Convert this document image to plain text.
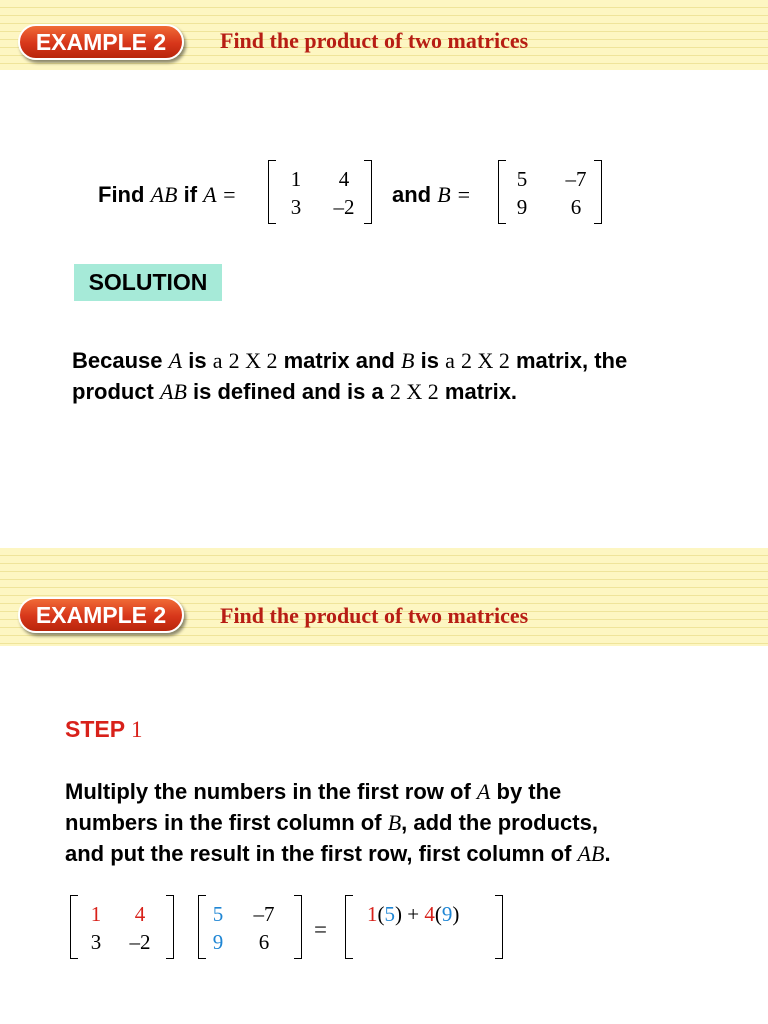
EXAMPLE 2	Find the product of two matrices
Find AB if A =
1	4
3	–2	and B =
5	–7
9	6
SOLUTION
Because A is a 2 X 2 matrix and B is a 2 X 2 matrix, the
product AB is defined and is a 2 X 2 matrix.
EXAMPLE 2	Find the product of two matrices
STEP 1
Multiply the numbers in the first row of A by the
numbers in the first column of B, add the products,
and put the result in the first row, first column of AB.
1	4
3	–2
5	–7
9	6	=
1(5) + 4(9)
